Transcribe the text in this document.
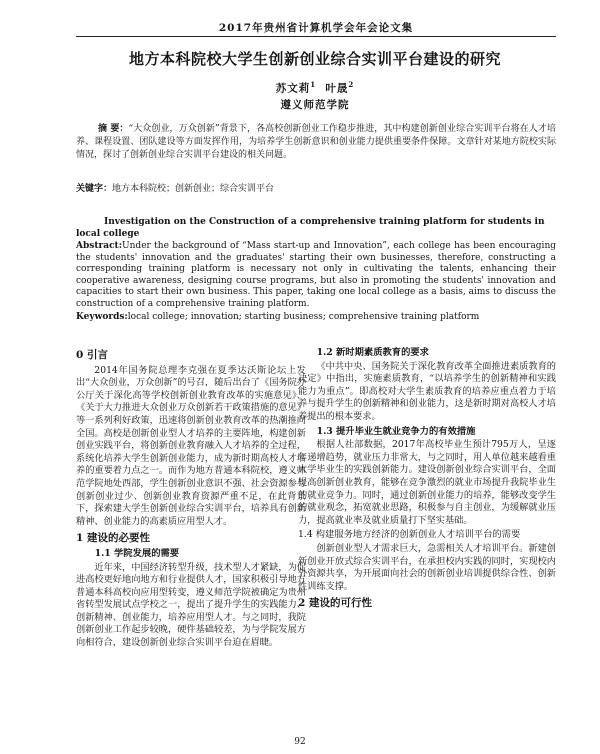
2017年贵州省计算机学会年会论文集
地方本科院校大学生创新创业综合实训平台建设的研究
苏文莉$^1$ 叶晟$^2$
遵义师范学院
摘 要：“大众创业，万众创新”背景下，各高校创新创业工作稳步推进，其中构建创新创业综合实训平台将在人才培养、课程设置、团队建设等方面发挥作用，为培养学生创新意识和创业能力提供重要条件保障。文章针对某地方院校实际情况，探讨了创新创业综合实训平台建设的相关问题。
关键字：地方本科院校；创新创业；综合实训平台
Investigation on the Construction of a comprehensive training platform for students in local college
Abstract:Under the background of “Mass start-up and Innovation”, each college has been encouraging the students' innovation and the graduates' starting their own businesses, therefore, constructing a corresponding training platform is necessary not only in cultivating the talents, enhancing their cooperative awareness, designing course programs, but also in promoting the students' innovation and capacities to start their own business. This paper, taking one local college as a basis, aims to discuss the construction of a comprehensive training platform.
Keywords:local college; innovation; starting business; comprehensive training platform
0 引言

2014年国务院总理李克强在夏季达沃斯论坛上发出“大众创业，万众创新”的号召，随后出台了《国务院办公厅关于深化高等学校创新创业教育改革的实施意见》、《关于大力推进大众创业万众创新若干政策措施的意见》等一系列利好政策，迅速将创新创业教育改革的热潮推向全国。高校是创新创业型人才培养的主要阵地，构建创新创业实践平台，将创新创业教育融入人才培养的全过程，系统化培养大学生创新创业能力，成为新时期高校人才培养的重要着力点之一。而作为地方普通本科院校，遵义师范学院地处西部，学生创新创业意识不强、社会资源参与创新创业过少、创新创业教育资源严重不足，在此背景下，探索建大学生创新创业综合实训平台，培养具有创新精神、创业能力的高素质应用型人才。

1 建设的必要性
1.1 学院发展的需要

近年来，中国经济转型升级，技术型人才紧缺，为促进高校更好地向地方和行业提供人才，国家积极引导地方普通本科高校向应用型转变，遵义师范学院被确定为贵州省转型发展试点学校之一，提出了提升学生的实践能力、创新精神、创业能力，培养应用型人才。与之同时，我院创新创业工作起步较晚，硬件基础较差，为与学院发展方向相符合，建设创新创业综合实训平台迫在眉睫。

1.2 新时期素质教育的要求

《中共中央、国务院关于深化教育改革全面推进素质教育的决定》中指出，实施素质教育，“以培养学生的创新精神和实践能力为重点”。即高校对大学生素质教育的培养应重点着力于培养与提升学生的创新精神和创业能力，这是新时期对高校人才培养提出的根本要求。

1.3 提升毕业生就业竞争力的有效措施

根据人社部数据，2017年高校毕业生预计795万人，呈逐年递增趋势，就业压力非常大，与之同时，用人单位越来越看重大学毕业生的实践创新能力。建设创新创业综合实训平台，全面提高创新创业教育，能够在竞争激烈的就业市场提升我院毕业生的就业竞争力。同时，通过创新创业能力的培养，能够改变学生的就业观念，拓宽就业思路，积极参与自主创业，为缓解就业压力，提高就业率及就业质量打下坚实基础。

1.4 构建服务地方经济的创新创业人才培训平台的需要

创新创业型人才需求巨大，急需相关人才培训平台。新建创新创业开放式综合实训平台，在承担校内实践的同时，实现校内外资源共享，为开展面向社会的创新创业培训提供综合性、创新性训练支撑。

2 建设的可行性
92
